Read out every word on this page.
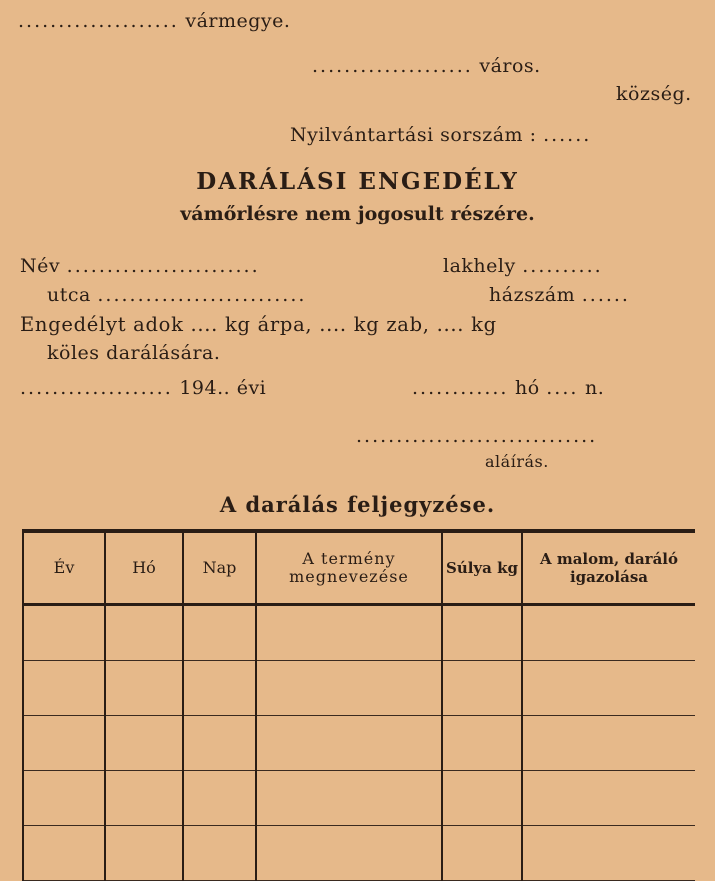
.................... vármegye.
.................... város.
község.
Nyilvántartási sorszám : ......
DARÁLÁSI ENGEDÉLY
vámőrlésre nem jogosult részére.
Név ........................	lakhely ..........
utca ..........................	házszám ......
Engedélyt adok .... kg árpa, .... kg zab, .... kg
köles darálására.
................... 194.. évi	............ hó .... n.
..............................
aláírás.
A darálás feljegyzése.
Év	Hó	Nap	A termény megnevezése	Súlya kg	A malom, daráló igazolása
